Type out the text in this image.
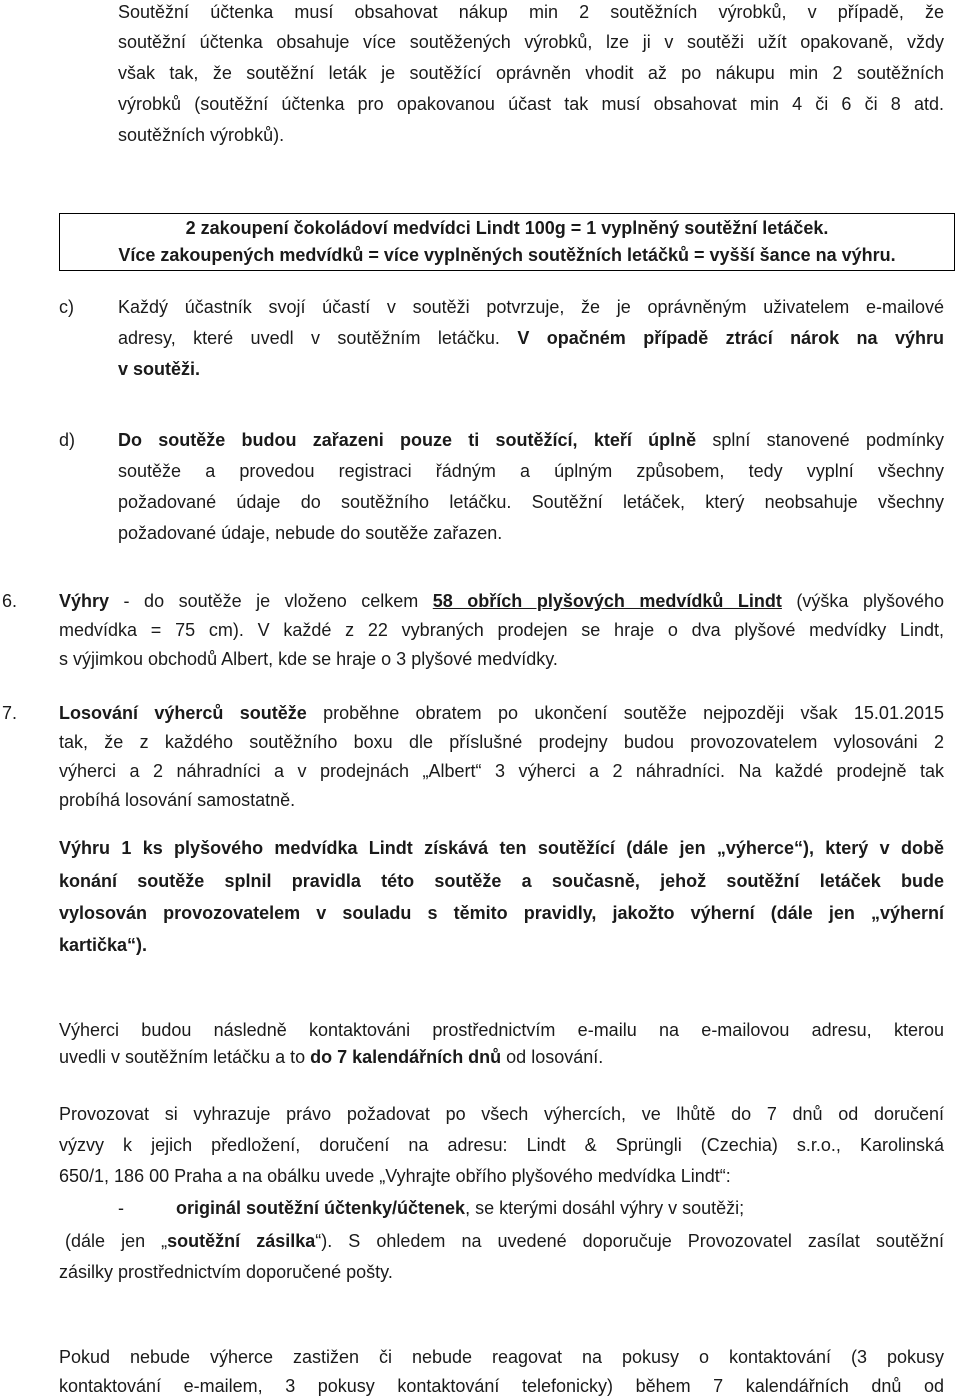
Soutěžní účtenka musí obsahovat nákup min 2 soutěžních výrobků, v případě, že
soutěžní účtenka obsahuje více soutěžených výrobků, lze ji v soutěži užít opakovaně, vždy
však tak, že soutěžní leták je soutěžící oprávněn vhodit až po nákupu min 2 soutěžních
výrobků (soutěžní účtenka pro opakovanou účast tak musí obsahovat min 4 či 6 či 8 atd.
soutěžních výrobků).
2 zakoupení čokoládoví medvídci Lindt 100g = 1 vyplněný soutěžní letáček.
Více zakoupených medvídků = více vyplněných soutěžních letáčků = vyšší šance na výhru.
c) Každý účastník svojí účastí v soutěži potvrzuje, že je oprávněným uživatelem e-mailové
adresy, které uvedl v soutěžním letáčku. V opačném případě ztrácí nárok na výhru
v soutěži.
d) Do soutěže budou zařazeni pouze ti soutěžící, kteří úplně splní stanovené podmínky
soutěže a provedou registraci řádným a úplným způsobem, tedy vyplní všechny
požadované údaje do soutěžního letáčku. Soutěžní letáček, který neobsahuje všechny
požadované údaje, nebude do soutěže zařazen.
6. Výhry - do soutěže je vloženo celkem 58 obřích plyšových medvídků Lindt (výška plyšového
medvídka = 75 cm). V každé z 22 vybraných prodejen se hraje o dva plyšové medvídky Lindt,
s výjimkou obchodů Albert, kde se hraje o 3 plyšové medvídky.
7. Losování výherců soutěže proběhne obratem po ukončení soutěže nejpozději však 15.01.2015
tak, že z každého soutěžního boxu dle příslušné prodejny budou provozovatelem vylosováni 2
výherci a 2 náhradníci a v prodejnách „Albert“ 3 výherci a 2 náhradníci. Na každé prodejně tak
probíhá losování samostatně.
Výhru 1 ks plyšového medvídka Lindt získává ten soutěžící (dále jen „výherce“), který v době
konání soutěže splnil pravidla této soutěže a současně, jehož soutěžní letáček bude
vylosován provozovatelem v souladu s těmito pravidly, jakožto výherní (dále jen „výherní
kartička“).
Výherci budou následně kontaktováni prostřednictvím e-mailu na e-mailovou adresu, kterou
uvedli v soutěžním letáčku a to do 7 kalendářních dnů od losování.
Provozovat si vyhrazuje právo požadovat po všech výhercích, ve lhůtě do 7 dnů od doručení
výzvy k jejich předložení, doručení na adresu: Lindt & Sprüngli (Czechia) s.r.o., Karolinská
650/1, 186 00 Praha a na obálku uvede „Vyhrajte obřího plyšového medvídka Lindt“:
-	originál soutěžní účtenky/účtenek, se kterými dosáhl výhry v soutěži;
(dále jen „soutěžní zásilka“). S ohledem na uvedené doporučuje Provozovatel zasílat soutěžní
zásilky prostřednictvím doporučené pošty.
Pokud nebude výherce zastižen či nebude reagovat na pokusy o kontaktování (3 pokusy
kontaktování e-mailem, 3 pokusy kontaktování telefonicky) během 7 kalendářních dnů od
